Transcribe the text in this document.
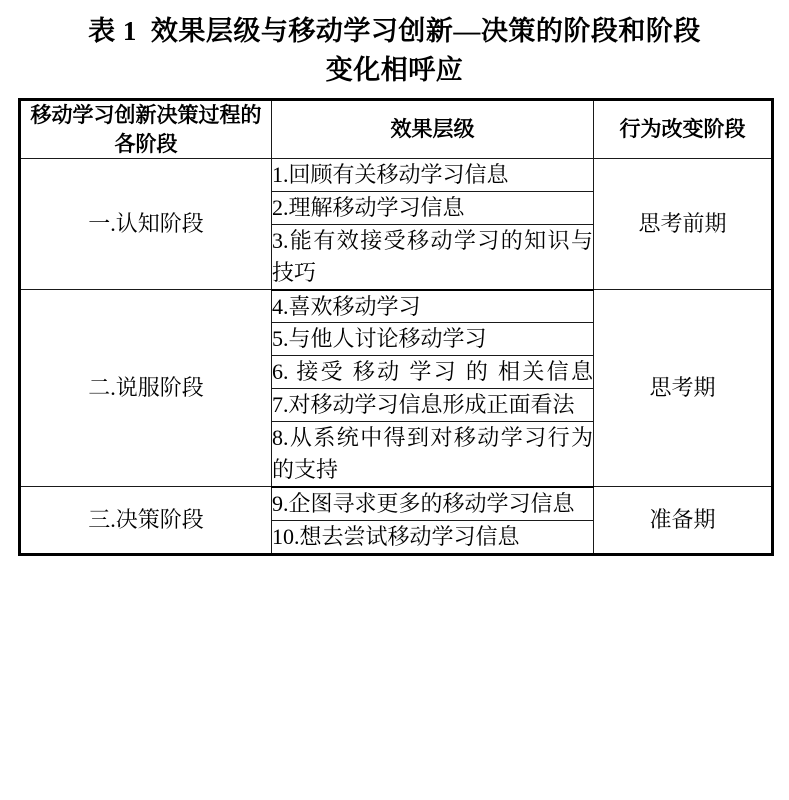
表 1 效果层级与移动学习创新—决策的阶段和阶段
变化相呼应
移动学习创新决策过程的各阶段	效果层级	行为改变阶段
一.认知阶段	1.回顾有关移动学习信息	思考前期
	2.理解移动学习信息	
	3.能有效接受移动学习的知识与技巧	
二.说服阶段	4.喜欢移动学习	思考期
	5.与他人讨论移动学习	
	6. 接受 移动 学习 的 相关信息	
	7.对移动学习信息形成正面看法	
	8.从系统中得到对移动学习行为的支持	
三.决策阶段	9.企图寻求更多的移动学习信息	准备期
	10.想去尝试移动学习信息	
